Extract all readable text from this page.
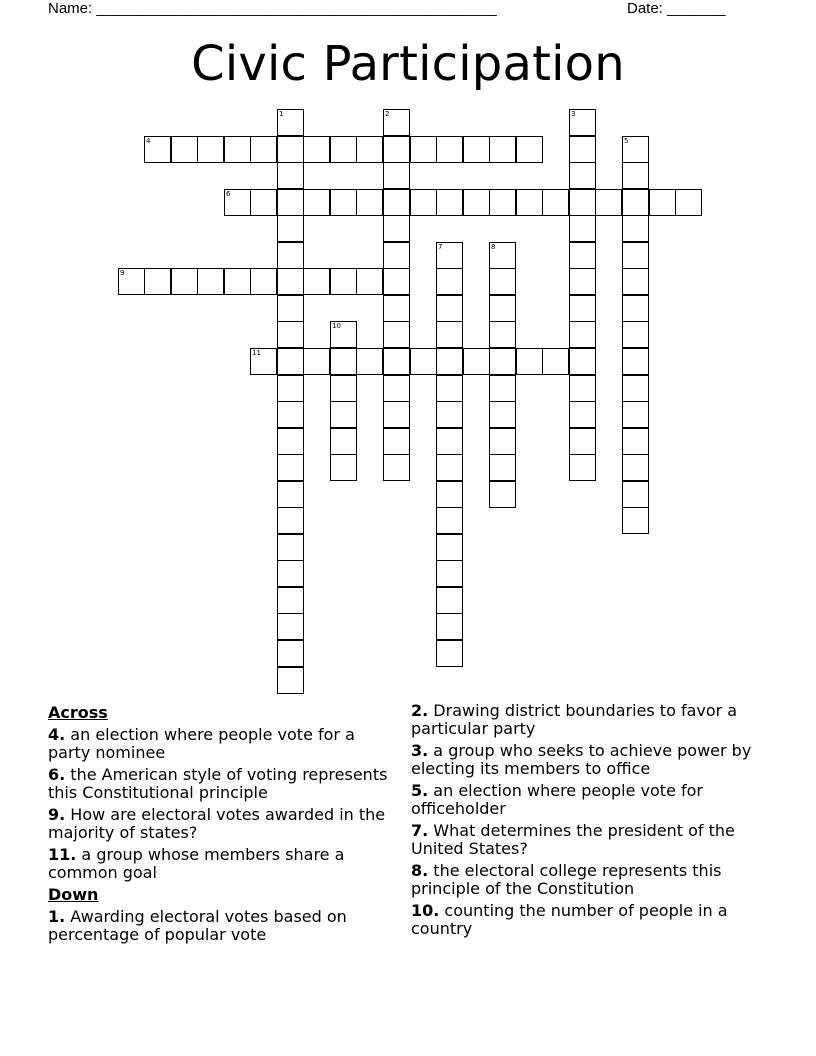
Name: ________________________________________________	Date: _______
Civic Participation
4
6
9
11
1	2	3
5
7	8
10
Across
4. an election where people vote for a party nominee
6. the American style of voting represents this Constitutional principle
9. How are electoral votes awarded in the majority of states?
11. a group whose members share a common goal
Down
1. Awarding electoral votes based on percentage of popular vote
2. Drawing district boundaries to favor a particular party
3. a group who seeks to achieve power by electing its members to office
5. an election where people vote for officeholder
7. What determines the president of the United States?
8. the electoral college represents this principle of the Constitution
10. counting the number of people in a country
